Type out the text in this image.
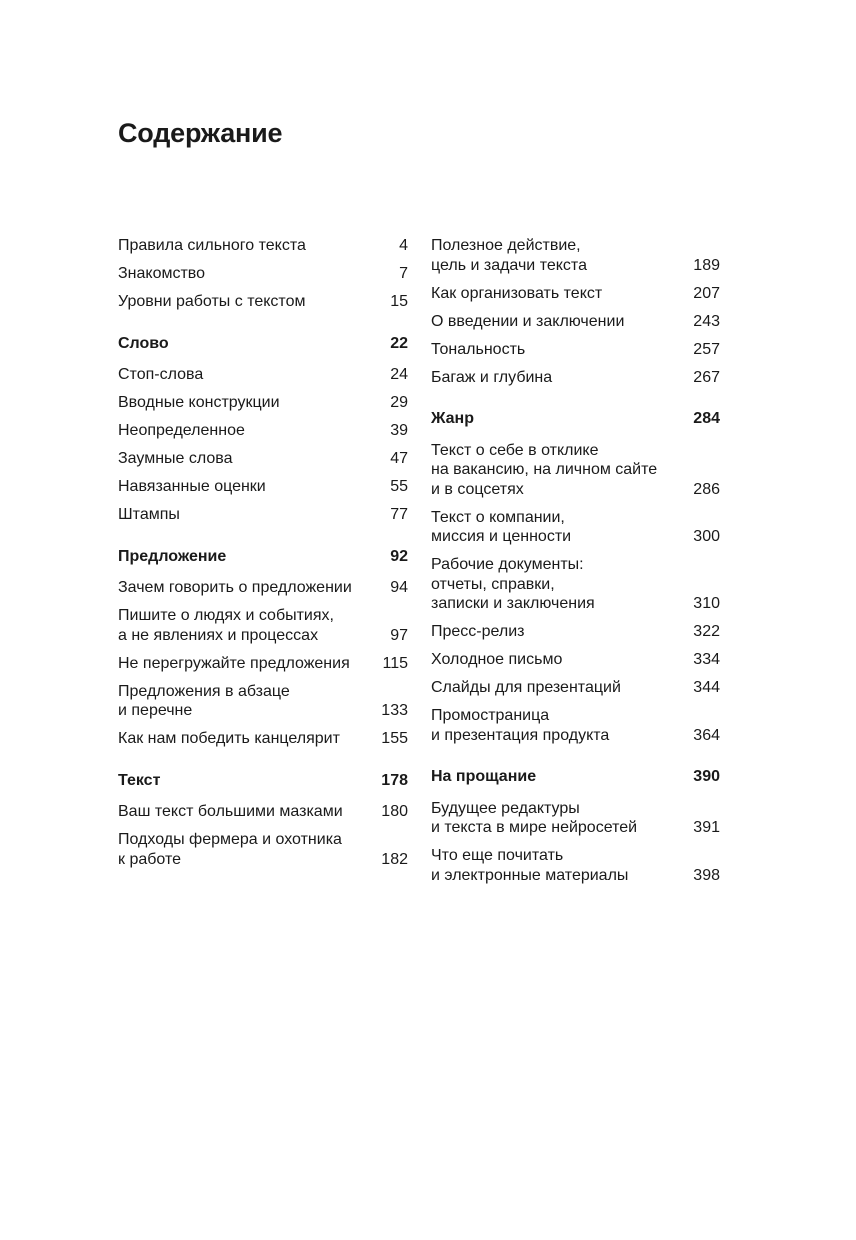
Содержание
Правила сильного текста	4
Знакомство	7
Уровни работы с текстом	15
Слово	22
Стоп-слова	24
Вводные конструкции	29
Неопределенное	39
Заумные слова	47
Навязанные оценки	55
Штампы	77
Предложение	92
Зачем говорить о предложении	94
Пишите о людях и событиях,
а не явлениях и процессах	97
Не перегружайте предложения	115
Предложения в абзаце
и перечне	133
Как нам победить канцелярит	155
Текст	178
Ваш текст большими мазками	180
Подходы фермера и охотника
к работе	182
Полезное действие,
цель и задачи текста	189
Как организовать текст	207
О введении и заключении	243
Тональность	257
Багаж и глубина	267
Жанр	284
Текст о себе в отклике
на вакансию, на личном сайте
и в соцсетях	286
Текст о компании,
миссия и ценности	300
Рабочие документы:
отчеты, справки,
записки и заключения	310
Пресс-релиз	322
Холодное письмо	334
Слайды для презентаций	344
Промостраница
и презентация продукта	364
На прощание	390
Будущее редактуры
и текста в мире нейросетей	391
Что еще почитать
и электронные материалы	398
